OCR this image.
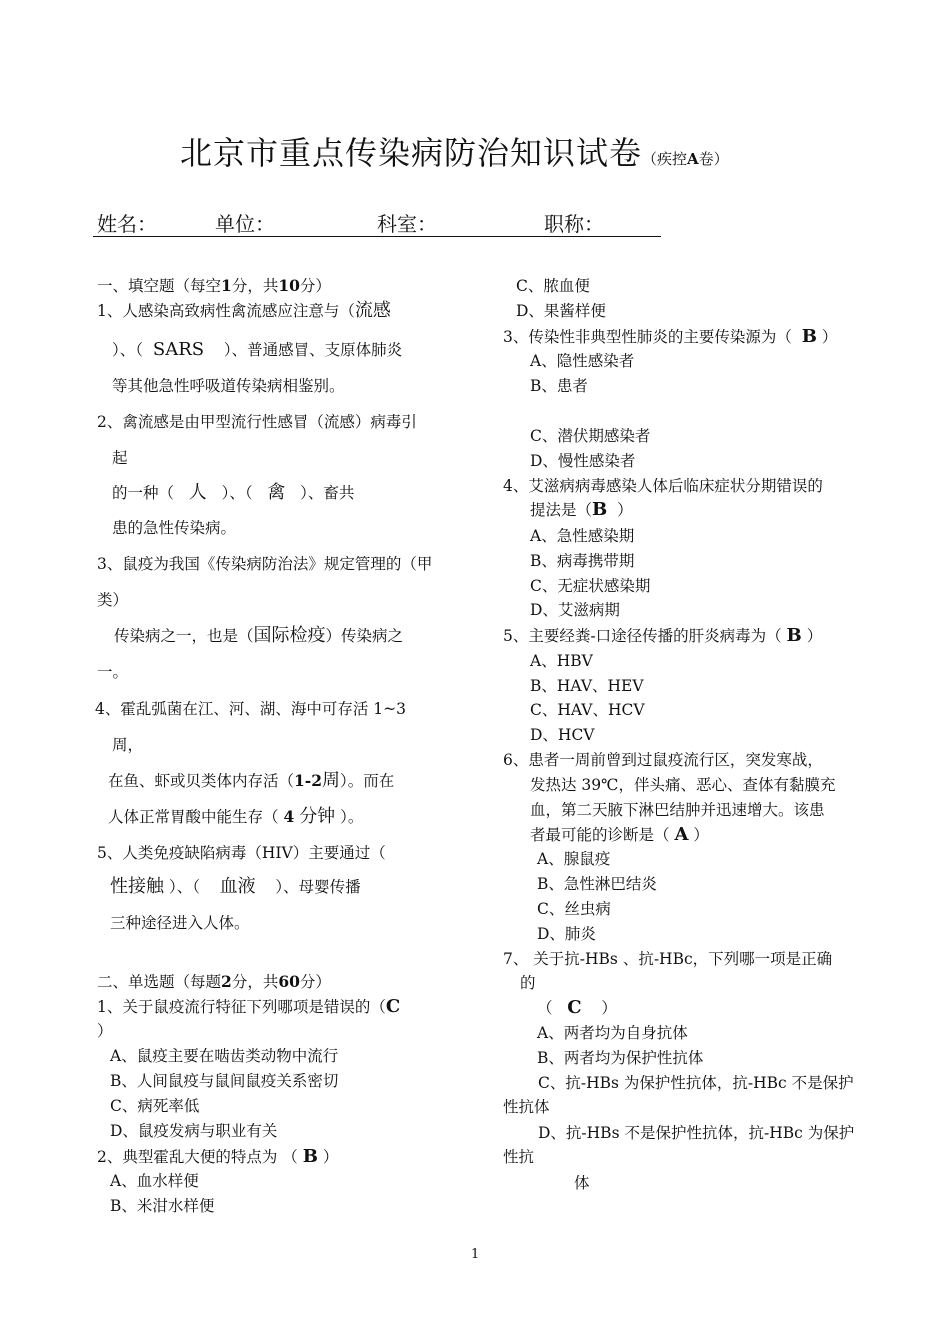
北京市重点传染病防治知识试卷（疾控A卷）
姓名：	单位：	科室：	职称：
一、填空题（每空1分，共10分）
1、人感染高致病性禽流感应注意与（流感
）、（ SARS ）、普通感冒、支原体肺炎
等其他急性呼吸道传染病相鉴别。
2、禽流感是由甲型流行性感冒（流感）病毒引
起
的一种（ 人 ）、（ 禽 ）、畜共
患的急性传染病。
3、鼠疫为我国《传染病防治法》规定管理的（甲
类）
传染病之一，也是（国际检疫）传染病之
一。
4、霍乱弧菌在江、河、湖、海中可存活 1~3
周，
在鱼、虾或贝类体内存活（1-2周）。而在
人体正常胃酸中能生存（ 4 分钟 ）。
5、人类免疫缺陷病毒（HIV）主要通过（
性接触 ）、（ 血液 ）、母婴传播
三种途径进入人体。
二、单选题（每题2分，共60分）
1、关于鼠疫流行特征下列哪项是错误的（C
）
A、鼠疫主要在啮齿类动物中流行
B、人间鼠疫与鼠间鼠疫关系密切
C、病死率低
D、鼠疫发病与职业有关
2、典型霍乱大便的特点为 （ B ）
A、血水样便
B、米泔水样便
C、脓血便
D、果酱样便
3、传染性非典型性肺炎的主要传染源为（ B ）
A、隐性感染者
B、患者
C、潜伏期感染者
D、慢性感染者
4、艾滋病病毒感染人体后临床症状分期错误的
提法是（B ）
A、急性感染期
B、病毒携带期
C、无症状感染期
D、艾滋病期
5、主要经粪-口途径传播的肝炎病毒为（ B ）
A、HBV
B、HAV、HEV
C、HAV、HCV
D、HCV
6、患者一周前曾到过鼠疫流行区，突发寒战，
发热达 39℃，伴头痛、恶心、查体有黏膜充
血，第二天腋下淋巴结肿并迅速增大。该患
者最可能的诊断是（ A ）
A、腺鼠疫
B、急性淋巴结炎
C、丝虫病
D、肺炎
7、 关于抗-HBs 、抗-HBc，下列哪一项是正确
的
（ C ）
A、两者均为自身抗体
B、两者均为保护性抗体
C、抗-HBs 为保护性抗体，抗-HBc 不是保护
性抗体
D、抗-HBs 不是保护性抗体，抗-HBc 为保护
性抗
体
1
